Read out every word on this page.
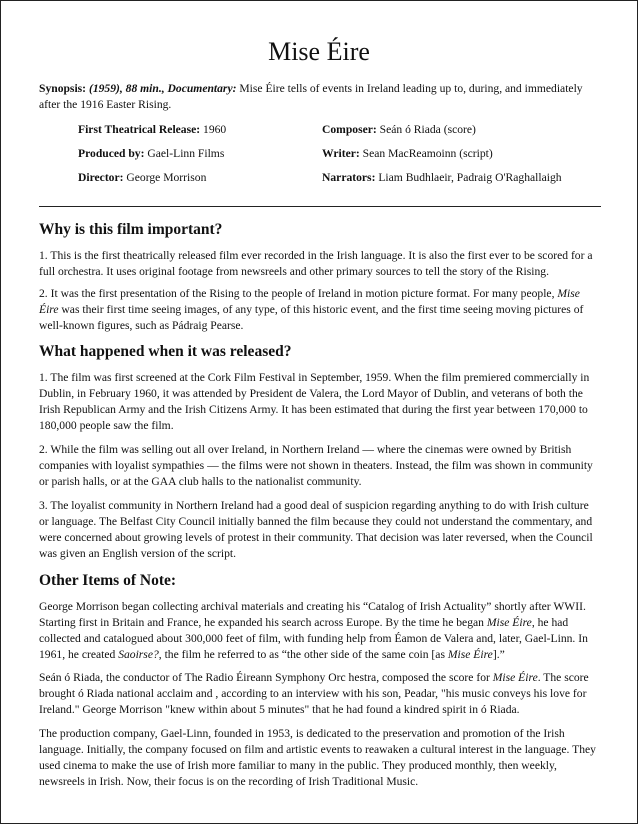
Mise Éire
Synopsis: (1959), 88 min., Documentary: Mise Éire tells of events in Ireland leading up to, during, and immediately after the 1916 Easter Rising.
First Theatrical Release: 1960
Produced by: Gael-Linn Films
Director: George Morrison
Composer: Seán ó Riada (score)
Writer: Sean MacReamoinn (script)
Narrators: Liam Budhlaeir, Padraig O'Raghallaigh
Why is this film important?
1. This is the first theatrically released film ever recorded in the Irish language. It is also the first ever to be scored for a full orchestra. It uses original footage from newsreels and other primary sources to tell the story of the Rising.
2. It was the first presentation of the Rising to the people of Ireland in motion picture format. For many people, Mise Éire was their first time seeing images, of any type, of this historic event, and the first time seeing moving pictures of well-known figures, such as Pádraig Pearse.
What happened when it was released?
1. The film was first screened at the Cork Film Festival in September, 1959. When the film premiered commercially in Dublin, in February 1960, it was attended by President de Valera, the Lord Mayor of Dublin, and veterans of both the Irish Republican Army and the Irish Citizens Army. It has been estimated that during the first year between 170,000 to 180,000 people saw the film.
2. While the film was selling out all over Ireland, in Northern Ireland — where the cinemas were owned by British companies with loyalist sympathies — the films were not shown in theaters. Instead, the film was shown in community or parish halls, or at the GAA club halls to the nationalist community.
3. The loyalist community in Northern Ireland had a good deal of suspicion regarding anything to do with Irish culture or language. The Belfast City Council initially banned the film because they could not understand the commentary, and were concerned about growing levels of protest in their community. That decision was later reversed, when the Council was given an English version of the script.
Other Items of Note:
George Morrison began collecting archival materials and creating his “Catalog of Irish Actuality” shortly after WWII. Starting first in Britain and France, he expanded his search across Europe. By the time he began Mise Éire, he had collected and catalogued about 300,000 feet of film, with funding help from Éamon de Valera and, later, Gael-Linn. In 1961, he created Saoirse?, the film he referred to as “the other side of the same coin [as Mise Éire].”
Seán ó Riada, the conductor of The Radio Éireann Symphony Orc hestra, composed the score for Mise Éire. The score brought ó Riada national acclaim and , according to an interview with his son, Peadar, "his music conveys his love for Ireland." George Morrison "knew within about 5 minutes" that he had found a kindred spirit in ó Riada.
The production company, Gael-Linn, founded in 1953, is dedicated to the preservation and promotion of the Irish language. Initially, the company focused on film and artistic events to reawaken a cultural interest in the language. They used cinema to make the use of Irish more familiar to many in the public. They produced monthly, then weekly, newsreels in Irish. Now, their focus is on the recording of Irish Traditional Music.
